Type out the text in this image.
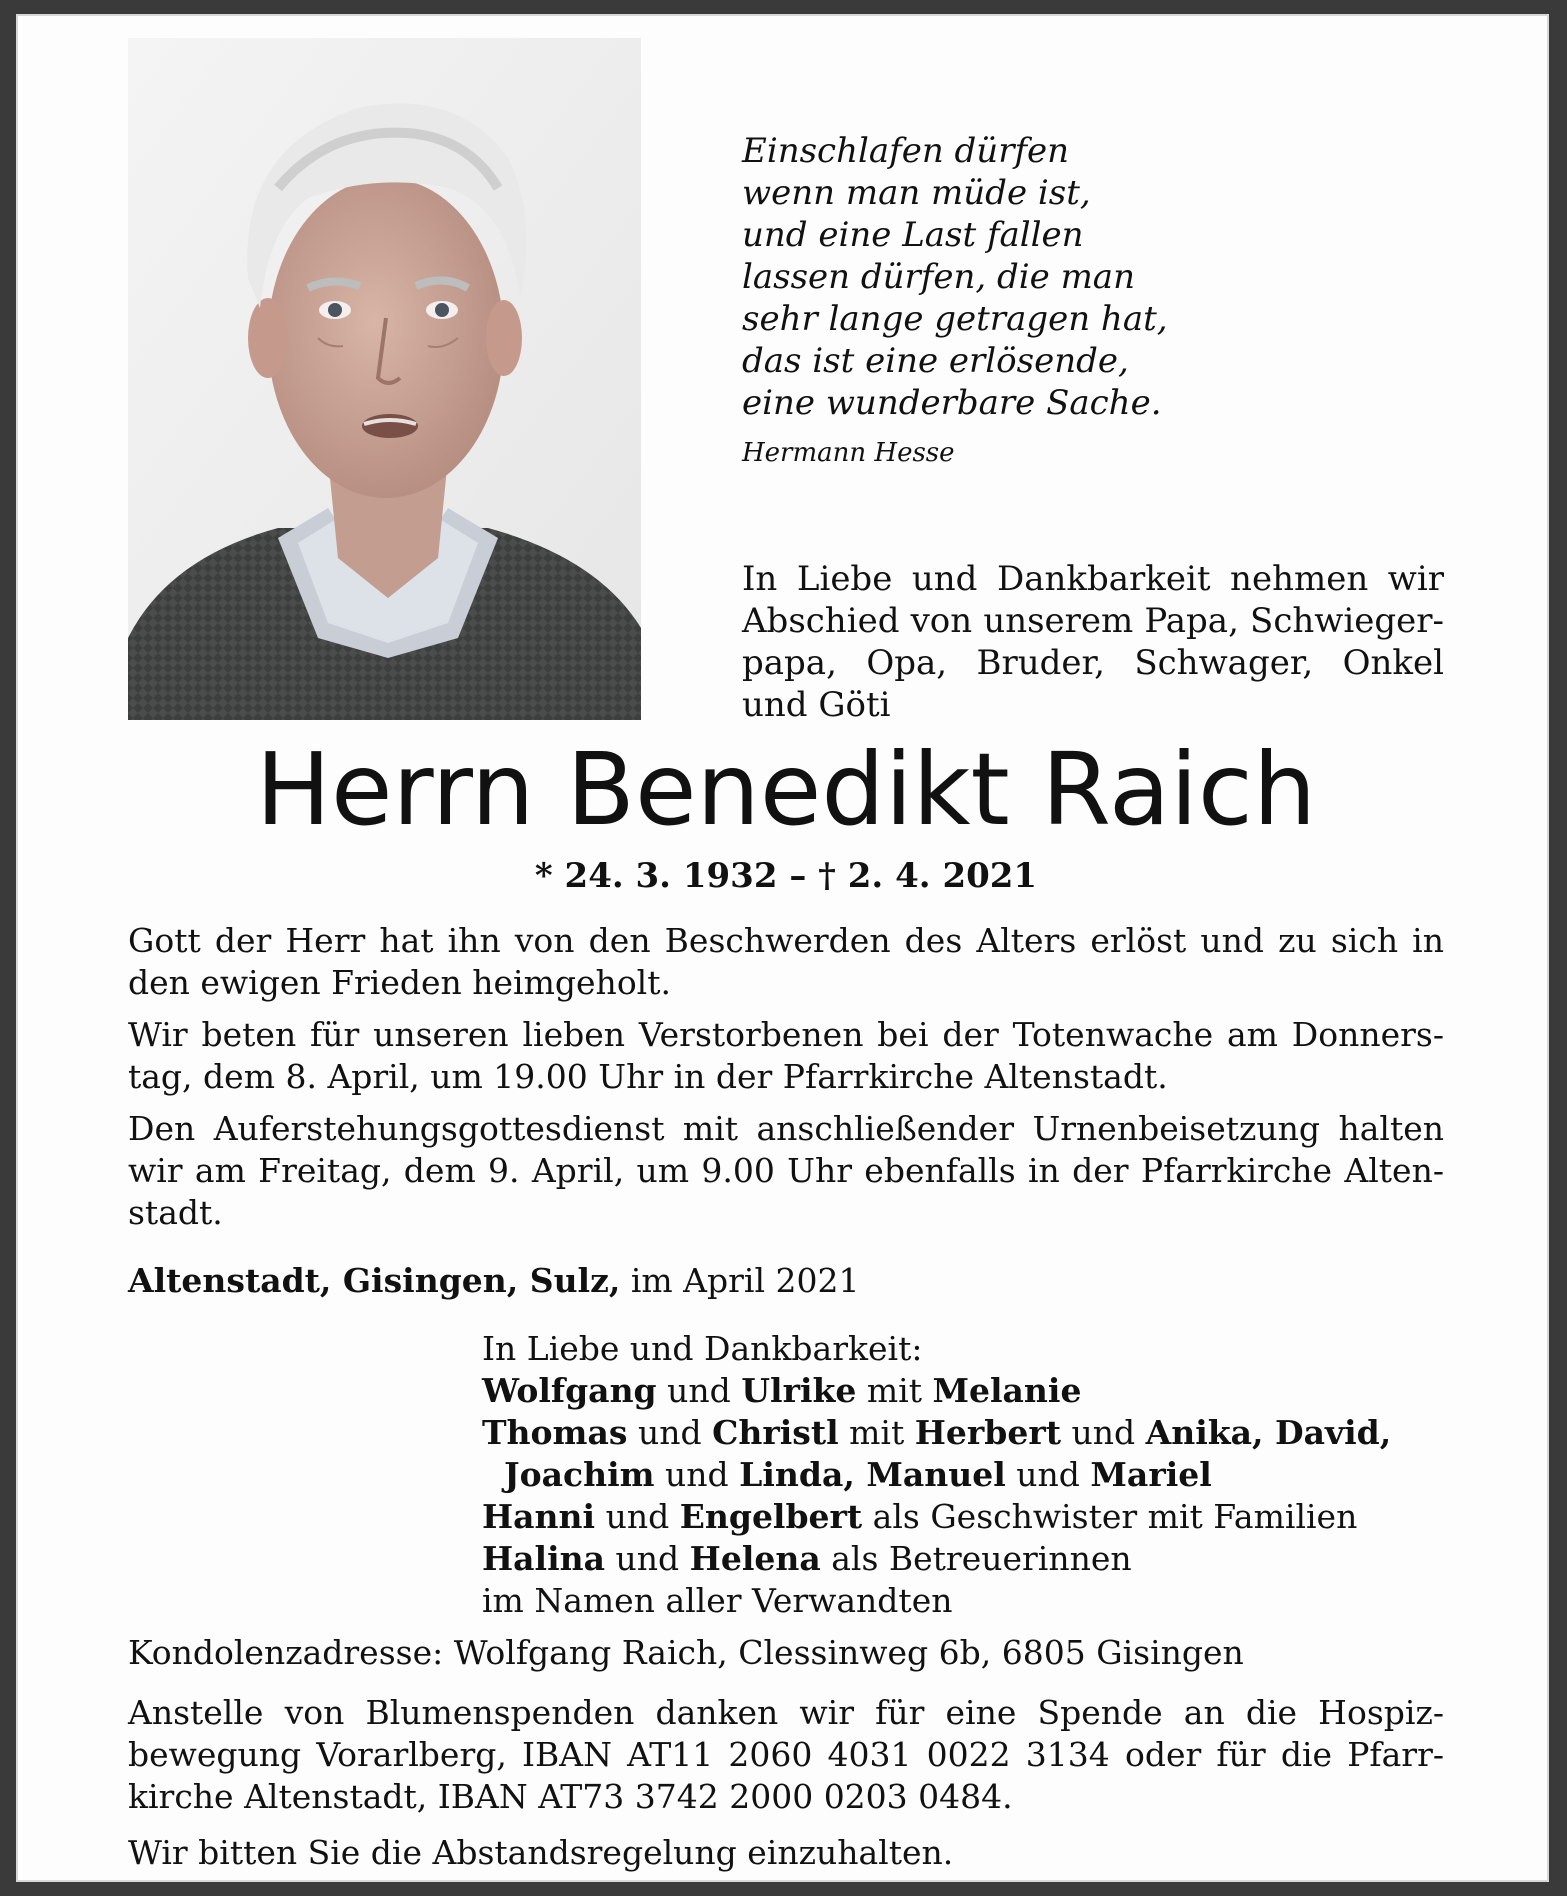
Einschlafen dürfen
wenn man müde ist,
und eine Last fallen
lassen dürfen, die man
sehr lange getragen hat,
das ist eine erlösende,
eine wunderbare Sache.
Hermann Hesse
In Liebe und Dankbarkeit nehmen wir Abschied von unserem Papa, Schwiegerpapa, Opa, Bruder, Schwager, Onkel und Göti
Herrn Benedikt Raich
* 24. 3. 1932 – † 2. 4. 2021

Gott der Herr hat ihn von den Beschwerden des Alters erlöst und zu sich in den ewigen Frieden heimgeholt.

Wir beten für unseren lieben Verstorbenen bei der Totenwache am Donnerstag, dem 8. April, um 19.00 Uhr in der Pfarrkirche Altenstadt.

Den Auferstehungsgottesdienst mit anschließender Urnenbeisetzung halten wir am Freitag, dem 9. April, um 9.00 Uhr ebenfalls in der Pfarrkirche Altenstadt.

Altenstadt, Gisingen, Sulz, im April 2021
In Liebe und Dankbarkeit:
Wolfgang und Ulrike mit Melanie
Thomas und Christl mit Herbert und Anika, David,
Joachim und Linda, Manuel und Mariel
Hanni und Engelbert als Geschwister mit Familien
Halina und Helena als Betreuerinnen
im Namen aller Verwandten
Kondolenzadresse: Wolfgang Raich, Clessinweg 6b, 6805 Gisingen
Anstelle von Blumenspenden danken wir für eine Spende an die Hospizbewegung Vorarlberg, IBAN AT11 2060 4031 0022 3134 oder für die Pfarrkirche Altenstadt, IBAN AT73 3742 2000 0203 0484.
Wir bitten Sie die Abstandsregelung einzuhalten.
